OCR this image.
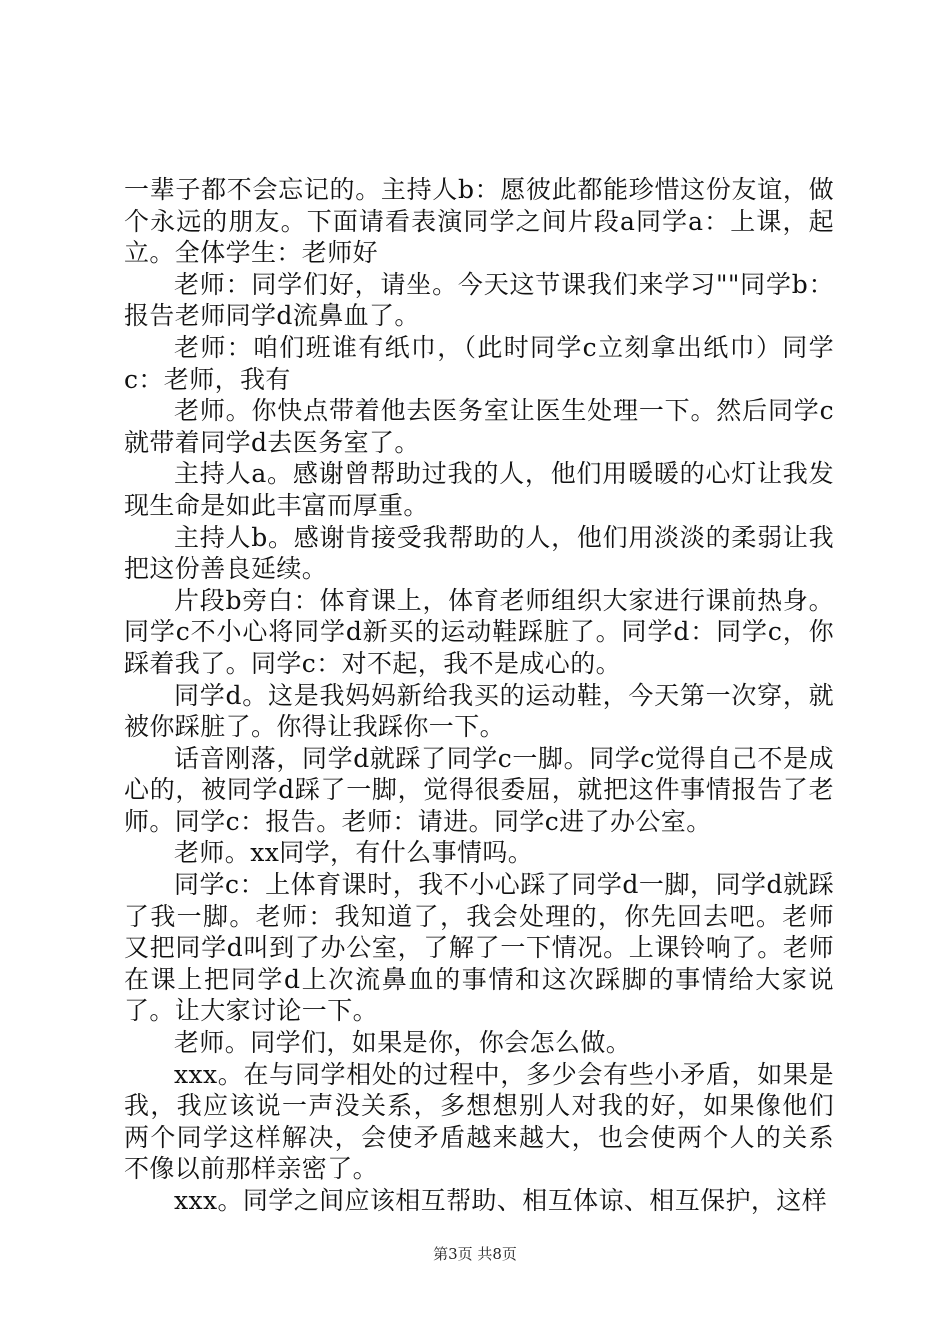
一辈子都不会忘记的。主持人b：愿彼此都能珍惜这份友谊，做个永远的朋友。下面请看表演同学之间片段a同学a：上课，起立。全体学生：老师好

老师：同学们好，请坐。今天这节课我们来学习""同学b：报告老师同学d流鼻血了。

老师：咱们班谁有纸巾，（此时同学c立刻拿出纸巾）同学c：老师，我有

老师。你快点带着他去医务室让医生处理一下。然后同学c就带着同学d去医务室了。

主持人a。感谢曾帮助过我的人，他们用暖暖的心灯让我发现生命是如此丰富而厚重。

主持人b。感谢肯接受我帮助的人，他们用淡淡的柔弱让我把这份善良延续。

片段b旁白：体育课上，体育老师组织大家进行课前热身。同学c不小心将同学d新买的运动鞋踩脏了。同学d：同学c，你踩着我了。同学c：对不起，我不是成心的。

同学d。这是我妈妈新给我买的运动鞋，今天第一次穿，就被你踩脏了。你得让我踩你一下。

话音刚落，同学d就踩了同学c一脚。同学c觉得自己不是成心的，被同学d踩了一脚，觉得很委屈，就把这件事情报告了老师。同学c：报告。老师：请进。同学c进了办公室。

老师。xx同学，有什么事情吗。

同学c：上体育课时，我不小心踩了同学d一脚，同学d就踩了我一脚。老师：我知道了，我会处理的，你先回去吧。老师又把同学d叫到了办公室，了解了一下情况。上课铃响了。老师在课上把同学d上次流鼻血的事情和这次踩脚的事情给大家说了。让大家讨论一下。

老师。同学们，如果是你，你会怎么做。

xxx。在与同学相处的过程中，多少会有些小矛盾，如果是我，我应该说一声没关系，多想想别人对我的好，如果像他们两个同学这样解决，会使矛盾越来越大，也会使两个人的关系不像以前那样亲密了。

xxx。同学之间应该相互帮助、相互体谅、相互保护，这样

第3页 共8页
